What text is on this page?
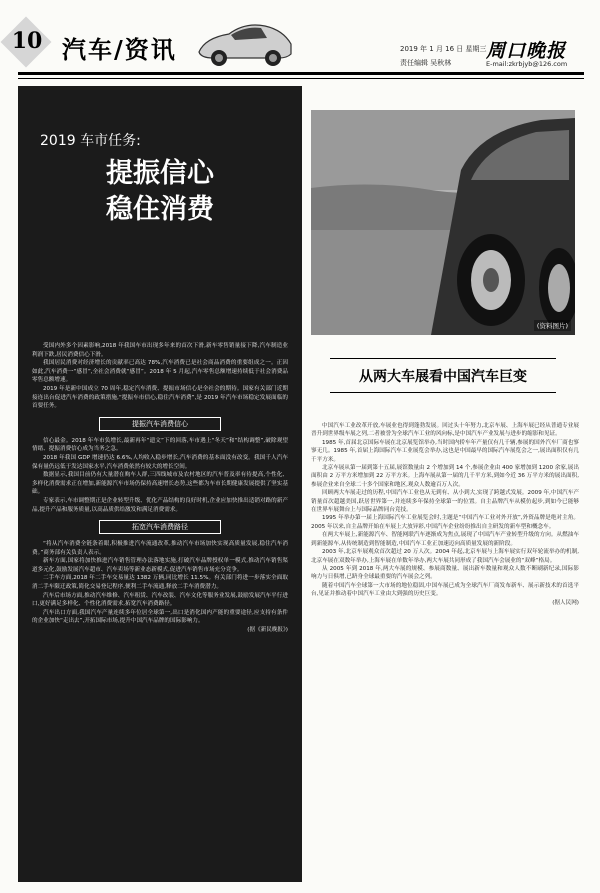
10 汽车/资讯	2019 年 1 月 16 日 星期三
责任编辑 吴秋林
周口晚报
E-mail:zkrbjyb@126.com
2019 车市任务:
提振信心
稳住消费

受国内外多个因素影响,2018 年我国车市出现多年来的首次下滑,新车零售销量接下降,汽车制造业利润下跌,居民消费信心下滑。

我国居民消费对经济增长的贡献率已高达 78%,汽车消费已是社会商品消费的重要组成之一。正因如此,汽车消费一“感冒”,全社会消费就“感冒”。2018 年 5 月起,汽车零售总额增速持续低于社会消费品零售总额增速。

2019 年是新中国成立 70 周年,稳定汽车消费、提振市场信心是全社会的期待。国家有关部门近期接连出台促进汽车消费的政策措施,“提振车市信心,稳住汽车消费”,是 2019 年汽车市场稳定发展面临的首要任务。

提振汽车消费信心

信心最金。2018 年车市负增长,最新再年“遗文”下的回落,车市遇上“冬天”和“结构调整”,破除观望情绪、提振消费信心成为当务之急。

2018 年我国 GDP 增速仍达 6.6%,人均收入稳步增长,汽车消费的基本面没有改变。我国千人汽车保有量仍远低于发达国家水平,汽车消费依然有较大的增长空间。

数据显示,我国目前仍有大量潜在购车人群,三四线城市及农村地区的汽车普及率有待提高,个性化、多样化消费需求正在增加,新能源汽车市场仍保持高速增长态势,这些都为车市长期健康发展提供了坚实基础。

专家表示,车市调整期正是企业转型升级、优化产品结构的良好时机,企业应加快推出适销对路的新产品,提升产品和服务质量,以高品质供给激发和满足消费需求。

拓宽汽车消费路径

“将从汽车消费全链条着眼,积极推进汽车流通改革,推动汽车市场加快实现高质量发展,稳住汽车消费。”商务部有关负责人表示。

新车方面,国家将加快推进汽车销售管理办法落地实施,打破汽车品牌授权单一模式,推动汽车销售渠道多元化,鼓励发展汽车超市、汽车卖场等新业态新模式,促进汽车销售市场充分竞争。

二手车方面,2018 年二手车交易量达 1382 万辆,同比增长 11.5%。有关部门将进一步落实全面取消二手车限迁政策,简化交易登记程序,便利二手车流通,释放二手车消费潜力。

汽车后市场方面,推动汽车维修、汽车租赁、汽车改装、汽车文化等服务业发展,鼓励发展汽车平行进口,更好满足多样化、个性化消费需求,拓宽汽车消费路径。

汽车出口方面,我国汽车产量连续多年位居全球第一,出口是消化国内产能的重要途径,应支持有条件的企业加快“走出去”,开拓国际市场,提升中国汽车品牌的国际影响力。

(据《新民晚报》)

(资料图片)
从两大车展看中国汽车巨变

中国汽车工业改革开放,车展业也得到蓬勃发展。回过头十年努力,北京车展、上海车展已经从普通专业展晋升到世界级车展之列,二者被誉为全球汽车工业的风向标,是中国汽车产业发展与进步的缩影和见证。

1985 年,首届北京国际车展在北京展览馆举办,当时国内轿车年产量仅有几千辆,参展的国外汽车厂商也寥寥无几。1985 年,首届上海国际汽车工业展览会举办,这也是中国最早的国际汽车展览会之一,展出面积仅有几千平方米。

北京车展从第一届到第十五届,展馆数量由 2 个增加到 14 个,参展企业由 400 家增加到 1200 余家,展出面积由 2 万平方米增加到 22 万平方米。上海车展从第一届的几千平方米,到如今近 36 万平方米的展出面积,参展企业来自全球二十多个国家和地区,观众人数逾百万人次。

回顾两大车展走过的历程,中国汽车工业也从无到有、从小到大,实现了跨越式发展。2009 年,中国汽车产销量首次超越美国,跃居世界第一,并连续多年保持全球第一的位置。自主品牌汽车从模仿起步,到如今已能够在世界车展舞台上与国际品牌同台竞技。

1995 年举办第一届上海国际汽车工业展览会时,主题是“中国汽车工业对外开放”,外资品牌是绝对主角。2005 年以来,自主品牌开始在车展上大放异彩,中国汽车企业纷纷推出自主研发的新车型和概念车。

在两大车展上,新能源汽车、智能网联汽车逐渐成为焦点,展现了中国汽车产业转型升级的方向。从燃油车到新能源车,从传统制造到智能制造,中国汽车工业正加速迈向高质量发展的新阶段。

2003 年,北京车展观众首次超过 20 万人次。2004 年起,北京车展与上海车展实行双年轮流举办的机制,北京车展在双数年举办,上海车展在单数年举办,两大车展共同形成了我国汽车会展业的“双峰”格局。

从 2005 年到 2018 年,两大车展的规模、参展商数量、展出新车数量和观众人数不断刷新纪录,国际影响力与日俱增,已跻身全球最重要的汽车展会之列。

随着中国汽车全球第一大市场的地位稳固,中国车展已成为全球汽车厂商发布新车、展示新技术的首选平台,见证并推动着中国汽车工业由大到强的历史巨变。

(据人民网)
